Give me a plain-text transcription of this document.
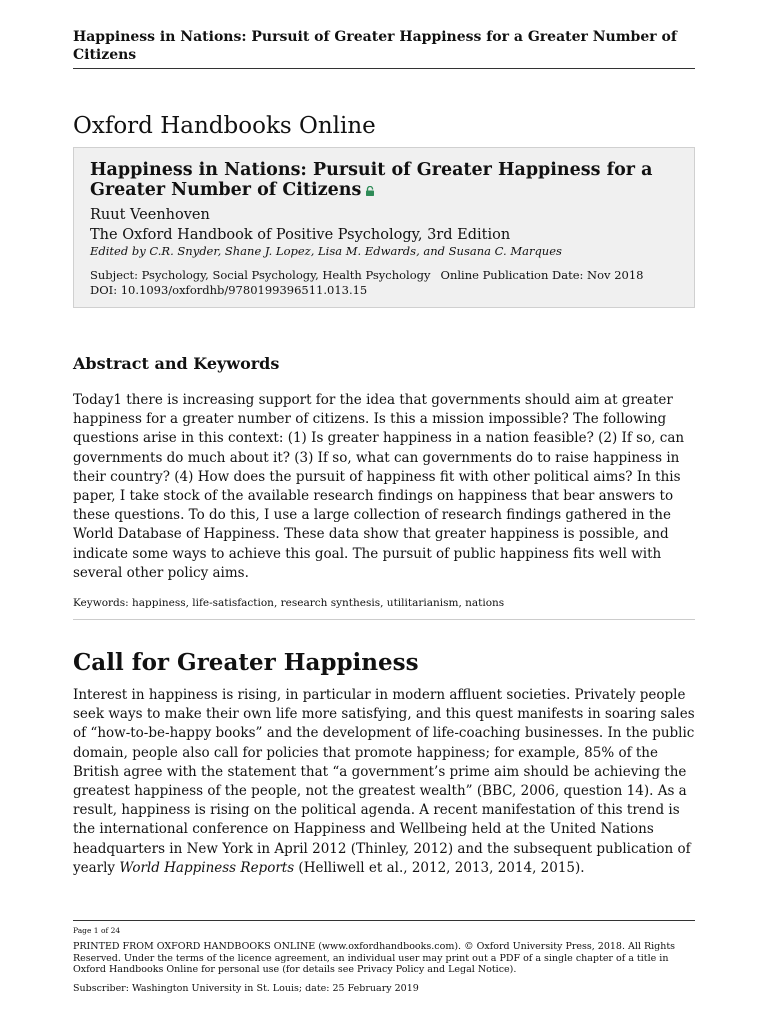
Happiness in Nations: Pursuit of Greater Happiness for a Greater Number of Citizens
Oxford Handbooks Online
Happiness in Nations: Pursuit of Greater Happiness for a Greater Number of Citizens
Ruut Veenhoven
The Oxford Handbook of Positive Psychology, 3rd Edition
Edited by C.R. Snyder, Shane J. Lopez, Lisa M. Edwards, and Susana C. Marques
Subject: Psychology, Social Psychology, Health Psychology Online Publication Date: Nov 2018
DOI: 10.1093/oxfordhb/9780199396511.013.15
Abstract and Keywords

Today1 there is increasing support for the idea that governments should aim at greater happiness for a greater number of citizens. Is this a mission impossible? The following questions arise in this context: (1) Is greater happiness in a nation feasible? (2) If so, can governments do much about it? (3) If so, what can governments do to raise happiness in their country? (4) How does the pursuit of happiness fit with other political aims? In this paper, I take stock of the available research findings on happiness that bear answers to these questions. To do this, I use a large collection of research findings gathered in the World Database of Happiness. These data show that greater happiness is possible, and indicate some ways to achieve this goal. The pursuit of public happiness fits well with several other policy aims.

Keywords: happiness, life-satisfaction, research synthesis, utilitarianism, nations
Call for Greater Happiness

Interest in happiness is rising, in particular in modern affluent societies. Privately people seek ways to make their own life more satisfying, and this quest manifests in soaring sales of “how-to-be-happy books” and the development of life-coaching businesses. In the public domain, people also call for policies that promote happiness; for example, 85% of the British agree with the statement that “a government’s prime aim should be achieving the greatest happiness of the people, not the greatest wealth” (BBC, 2006, question 14). As a result, happiness is rising on the political agenda. A recent manifestation of this trend is the international conference on Happiness and Wellbeing held at the United Nations headquarters in New York in April 2012 (Thinley, 2012) and the subsequent publication of yearly World Happiness Reports (Helliwell et al., 2012, 2013, 2014, 2015).

Page 1 of 24

PRINTED FROM OXFORD HANDBOOKS ONLINE (www.oxfordhandbooks.com). © Oxford University Press, 2018. All Rights Reserved. Under the terms of the licence agreement, an individual user may print out a PDF of a single chapter of a title in Oxford Handbooks Online for personal use (for details see Privacy Policy and Legal Notice).

Subscriber: Washington University in St. Louis; date: 25 February 2019
